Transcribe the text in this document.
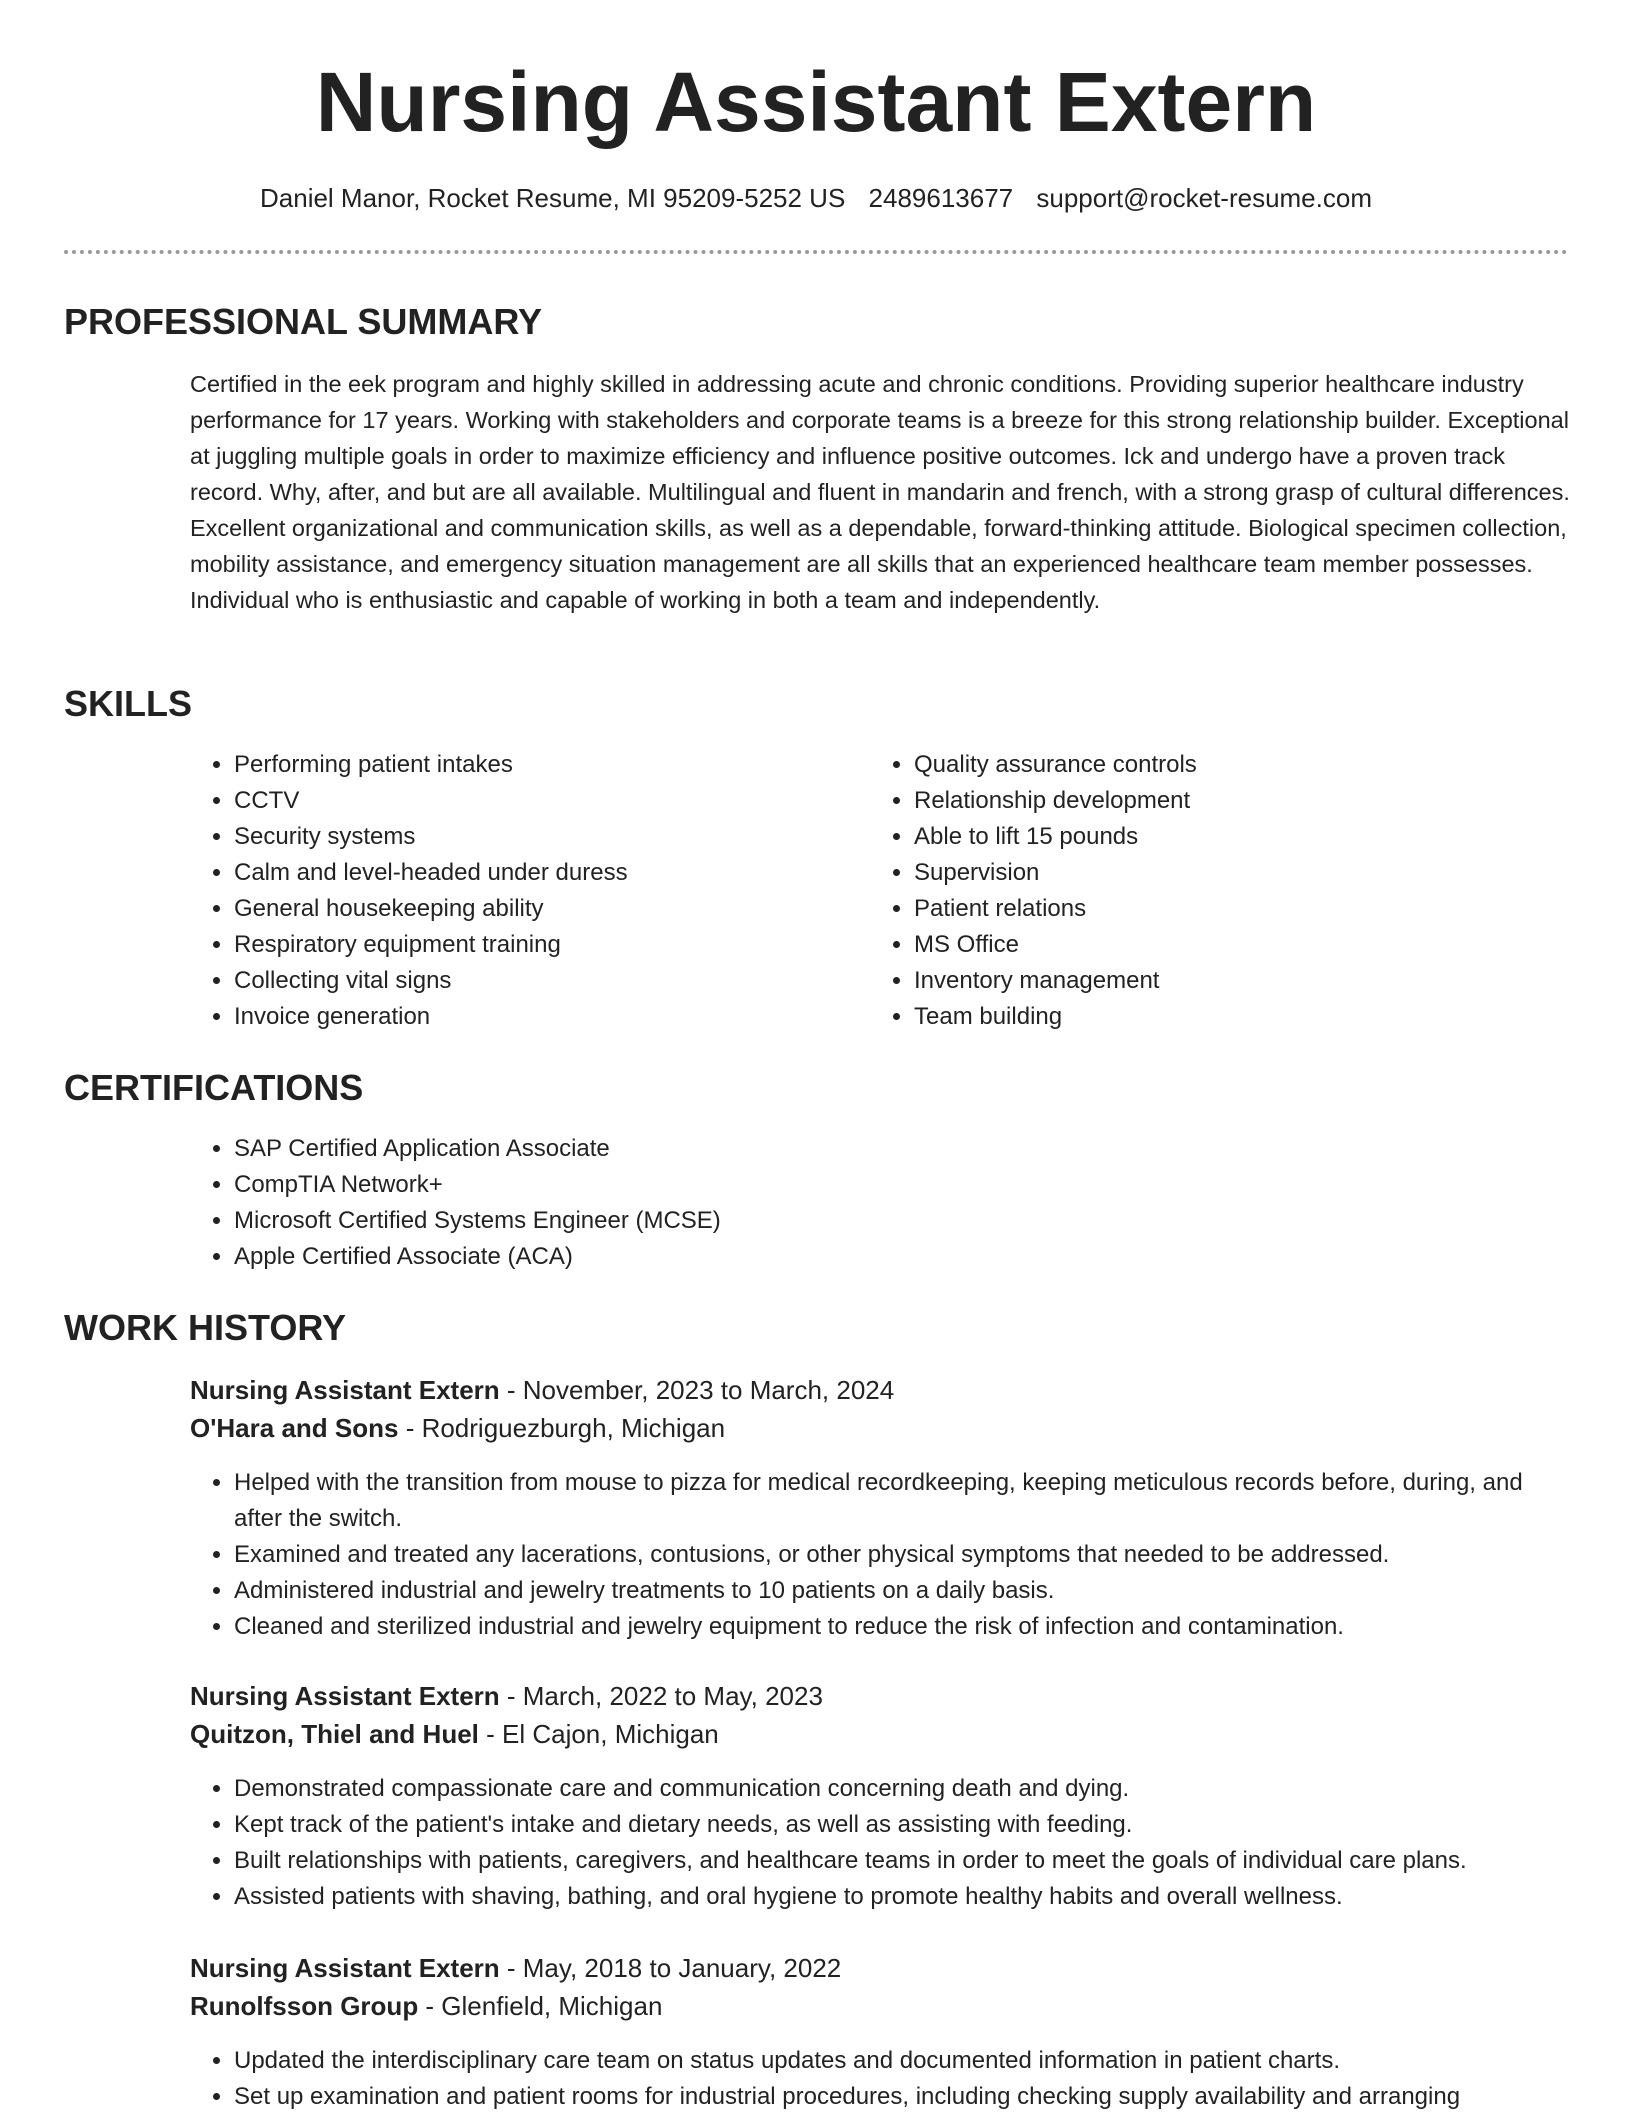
Nursing Assistant Extern
Daniel Manor, Rocket Resume, MI 95209-5252 US 2489613677 support@rocket-resume.com
PROFESSIONAL SUMMARY

Certified in the eek program and highly skilled in addressing acute and chronic conditions. Providing superior healthcare industry performance for 17 years. Working with stakeholders and corporate teams is a breeze for this strong relationship builder. Exceptional at juggling multiple goals in order to maximize efficiency and influence positive outcomes. Ick and undergo have a proven track record. Why, after, and but are all available. Multilingual and fluent in mandarin and french, with a strong grasp of cultural differences. Excellent organizational and communication skills, as well as a dependable, forward-thinking attitude. Biological specimen collection, mobility assistance, and emergency situation management are all skills that an experienced healthcare team member possesses. Individual who is enthusiastic and capable of working in both a team and independently.

SKILLS
• Performing patient intakes
• CCTV
• Security systems
• Calm and level-headed under duress
• General housekeeping ability
• Respiratory equipment training
• Collecting vital signs
• Invoice generation
• Quality assurance controls
• Relationship development
• Able to lift 15 pounds
• Supervision
• Patient relations
• MS Office
• Inventory management
• Team building
CERTIFICATIONS
• SAP Certified Application Associate
• CompTIA Network+
• Microsoft Certified Systems Engineer (MCSE)
• Apple Certified Associate (ACA)
WORK HISTORY
Nursing Assistant Extern - November, 2023 to March, 2024
O'Hara and Sons - Rodriguezburgh, Michigan
• Helped with the transition from mouse to pizza for medical recordkeeping, keeping meticulous records before, during, and after the switch.
• Examined and treated any lacerations, contusions, or other physical symptoms that needed to be addressed.
• Administered industrial and jewelry treatments to 10 patients on a daily basis.
• Cleaned and sterilized industrial and jewelry equipment to reduce the risk of infection and contamination.
Nursing Assistant Extern - March, 2022 to May, 2023
Quitzon, Thiel and Huel - El Cajon, Michigan
• Demonstrated compassionate care and communication concerning death and dying.
• Kept track of the patient's intake and dietary needs, as well as assisting with feeding.
• Built relationships with patients, caregivers, and healthcare teams in order to meet the goals of individual care plans.
• Assisted patients with shaving, bathing, and oral hygiene to promote healthy habits and overall wellness.
Nursing Assistant Extern - May, 2018 to January, 2022
Runolfsson Group - Glenfield, Michigan
• Updated the interdisciplinary care team on status updates and documented information in patient charts.
• Set up examination and patient rooms for industrial procedures, including checking supply availability and arranging
